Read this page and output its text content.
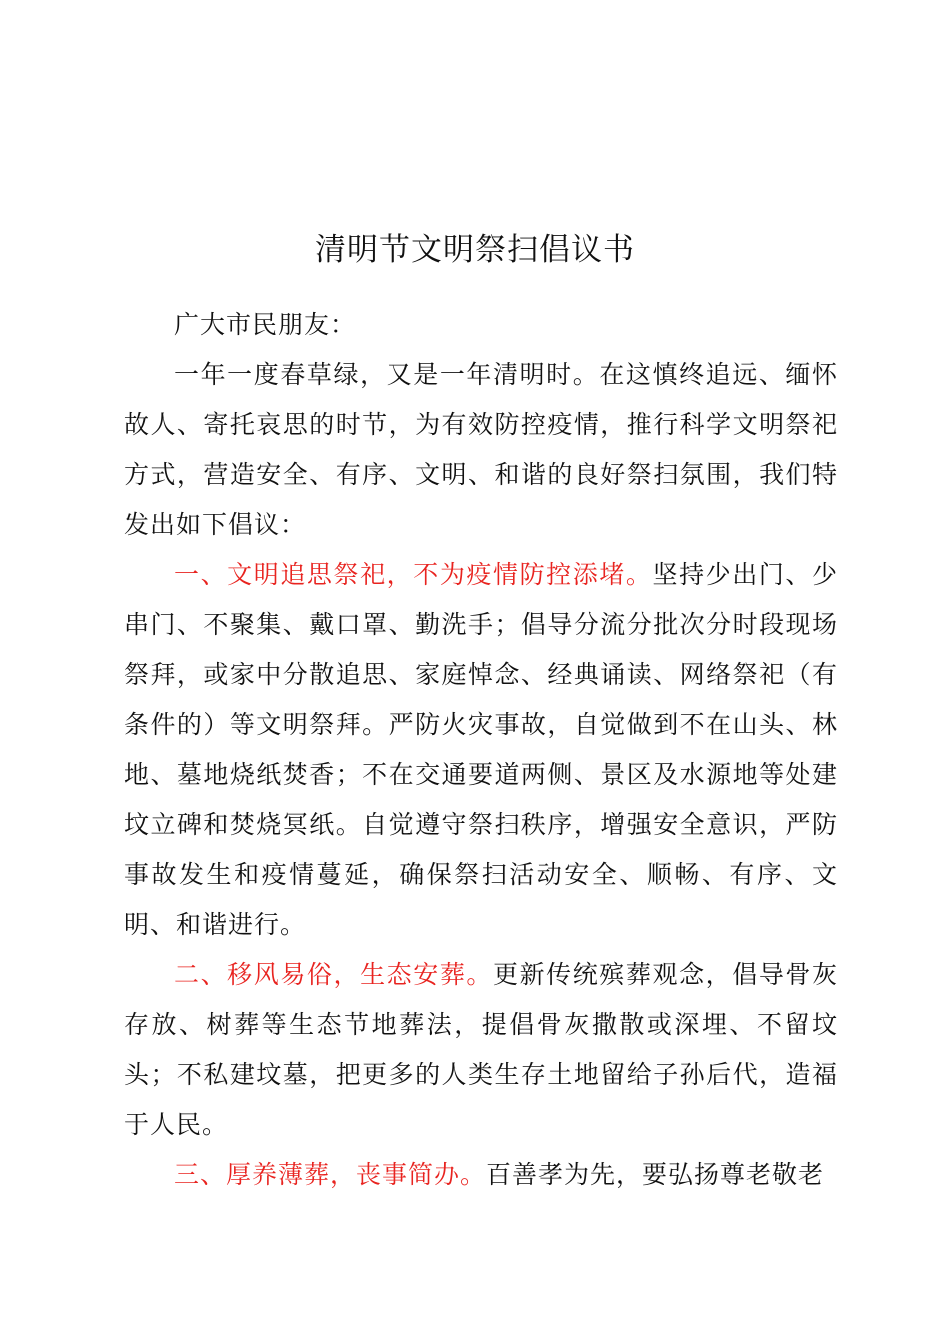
清明节文明祭扫倡议书

广大市民朋友：

一年一度春草绿，又是一年清明时。在这慎终追远、缅怀故人、寄托哀思的时节，为有效防控疫情，推行科学文明祭祀方式，营造安全、有序、文明、和谐的良好祭扫氛围，我们特发出如下倡议：

一、文明追思祭祀，不为疫情防控添堵。坚持少出门、少串门、不聚集、戴口罩、勤洗手；倡导分流分批次分时段现场祭拜，或家中分散追思、家庭悼念、经典诵读、网络祭祀（有条件的）等文明祭拜。严防火灾事故，自觉做到不在山头、林地、墓地烧纸焚香；不在交通要道两侧、景区及水源地等处建坟立碑和焚烧冥纸。自觉遵守祭扫秩序，增强安全意识，严防事故发生和疫情蔓延，确保祭扫活动安全、顺畅、有序、文明、和谐进行。

二、移风易俗，生态安葬。更新传统殡葬观念，倡导骨灰存放、树葬等生态节地葬法，提倡骨灰撒散或深埋、不留坟头；不私建坟墓，把更多的人类生存土地留给子孙后代，造福于人民。

三、厚养薄葬，丧事简办。百善孝为先，要弘扬尊老敬老
